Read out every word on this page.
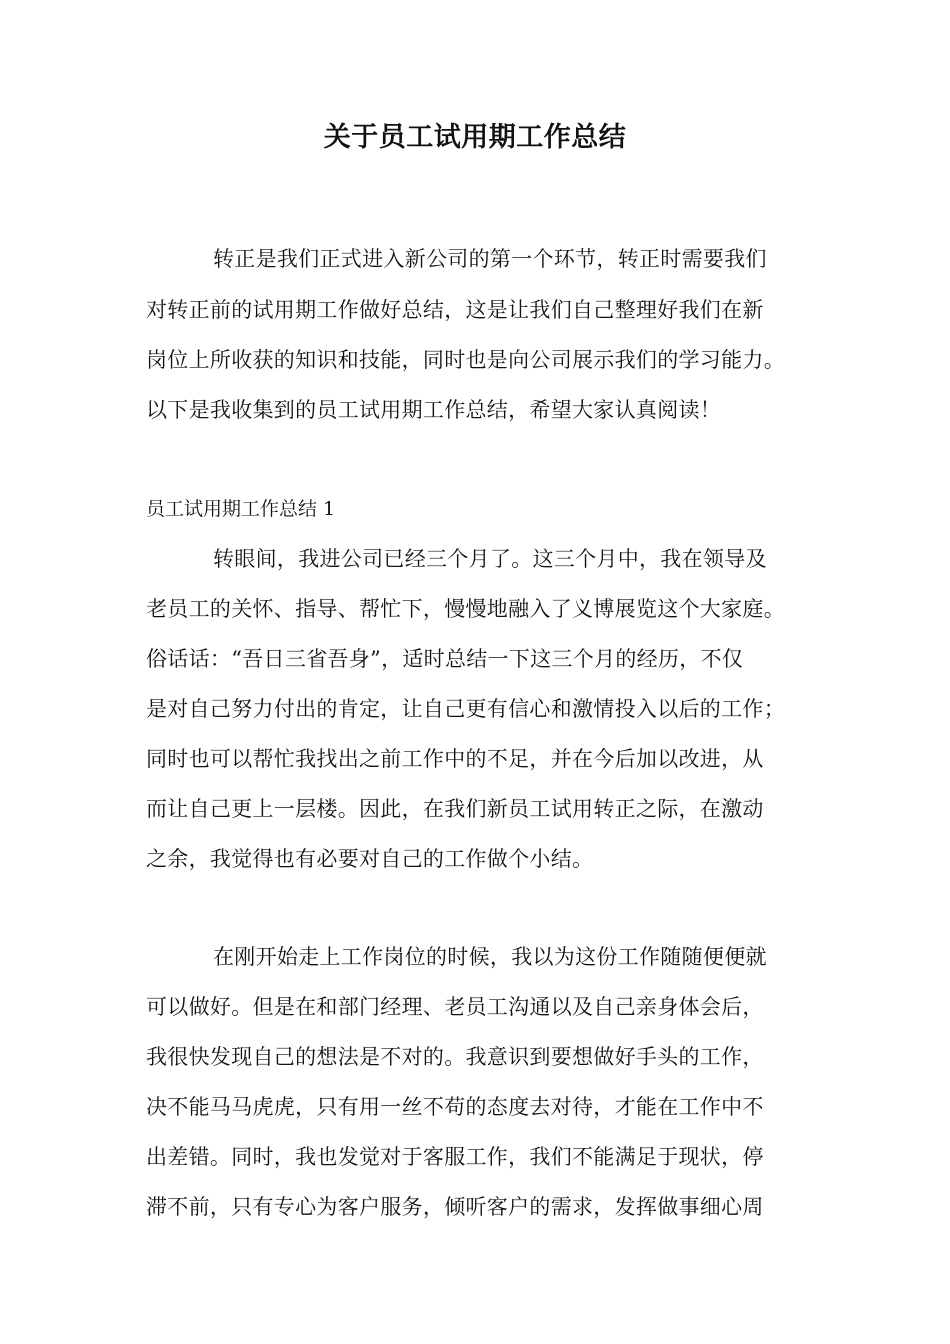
关于员工试用期工作总结
转正是我们正式进入新公司的第一个环节，转正时需要我们
对转正前的试用期工作做好总结，这是让我们自己整理好我们在新
岗位上所收获的知识和技能，同时也是向公司展示我们的学习能力。
以下是我收集到的员工试用期工作总结，希望大家认真阅读！
员工试用期工作总结 1
转眼间，我进公司已经三个月了。这三个月中，我在领导及
老员工的关怀、指导、帮忙下，慢慢地融入了义博展览这个大家庭。
俗话话：“吾日三省吾身”，适时总结一下这三个月的经历，不仅
是对自己努力付出的肯定，让自己更有信心和激情投入以后的工作；
同时也可以帮忙我找出之前工作中的不足，并在今后加以改进，从
而让自己更上一层楼。因此，在我们新员工试用转正之际，在激动
之余，我觉得也有必要对自己的工作做个小结。
在刚开始走上工作岗位的时候，我以为这份工作随随便便就
可以做好。但是在和部门经理、老员工沟通以及自己亲身体会后，
我很快发现自己的想法是不对的。我意识到要想做好手头的工作，
决不能马马虎虎，只有用一丝不苟的态度去对待，才能在工作中不
出差错。同时，我也发觉对于客服工作，我们不能满足于现状，停
滞不前，只有专心为客户服务，倾听客户的需求，发挥做事细心周
